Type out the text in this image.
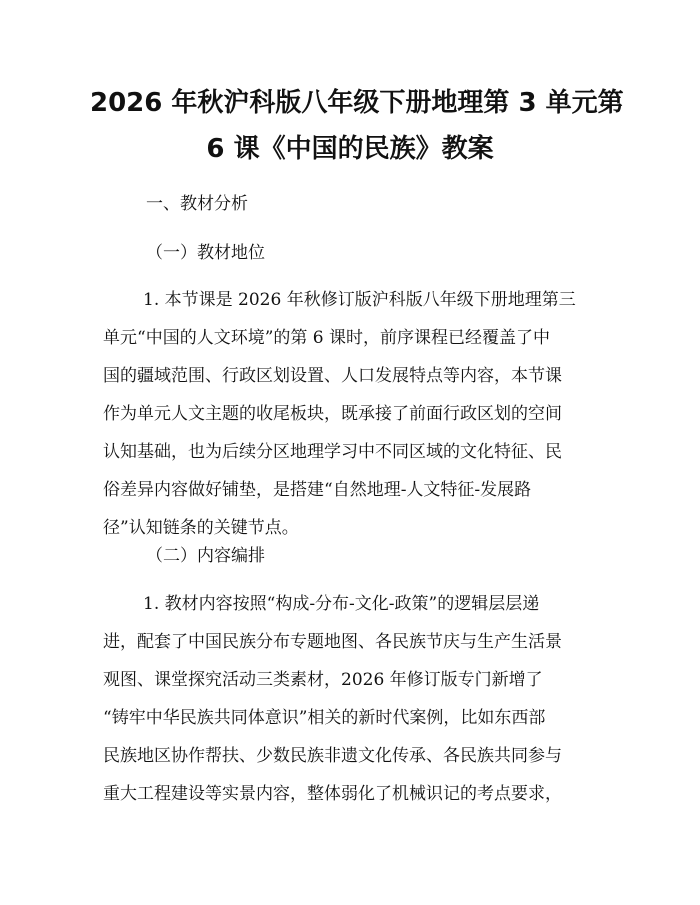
2026 年秋沪科版八年级下册地理第 3 单元第
6 课《中国的民族》教案

一、教材分析

（一）教材地位

1. 本节课是 2026 年秋修订版沪科版八年级下册地理第三
单元“中国的人文环境”的第 6 课时，前序课程已经覆盖了中
国的疆域范围、行政区划设置、人口发展特点等内容，本节课
作为单元人文主题的收尾板块，既承接了前面行政区划的空间
认知基础，也为后续分区地理学习中不同区域的文化特征、民
俗差异内容做好铺垫，是搭建“自然地理-人文特征-发展路
径”认知链条的关键节点。

（二）内容编排

1. 教材内容按照“构成-分布-文化-政策”的逻辑层层递
进，配套了中国民族分布专题地图、各民族节庆与生产生活景
观图、课堂探究活动三类素材，2026 年修订版专门新增了
“铸牢中华民族共同体意识”相关的新时代案例，比如东西部
民族地区协作帮扶、少数民族非遗文化传承、各民族共同参与
重大工程建设等实景内容，整体弱化了机械识记的考点要求，
